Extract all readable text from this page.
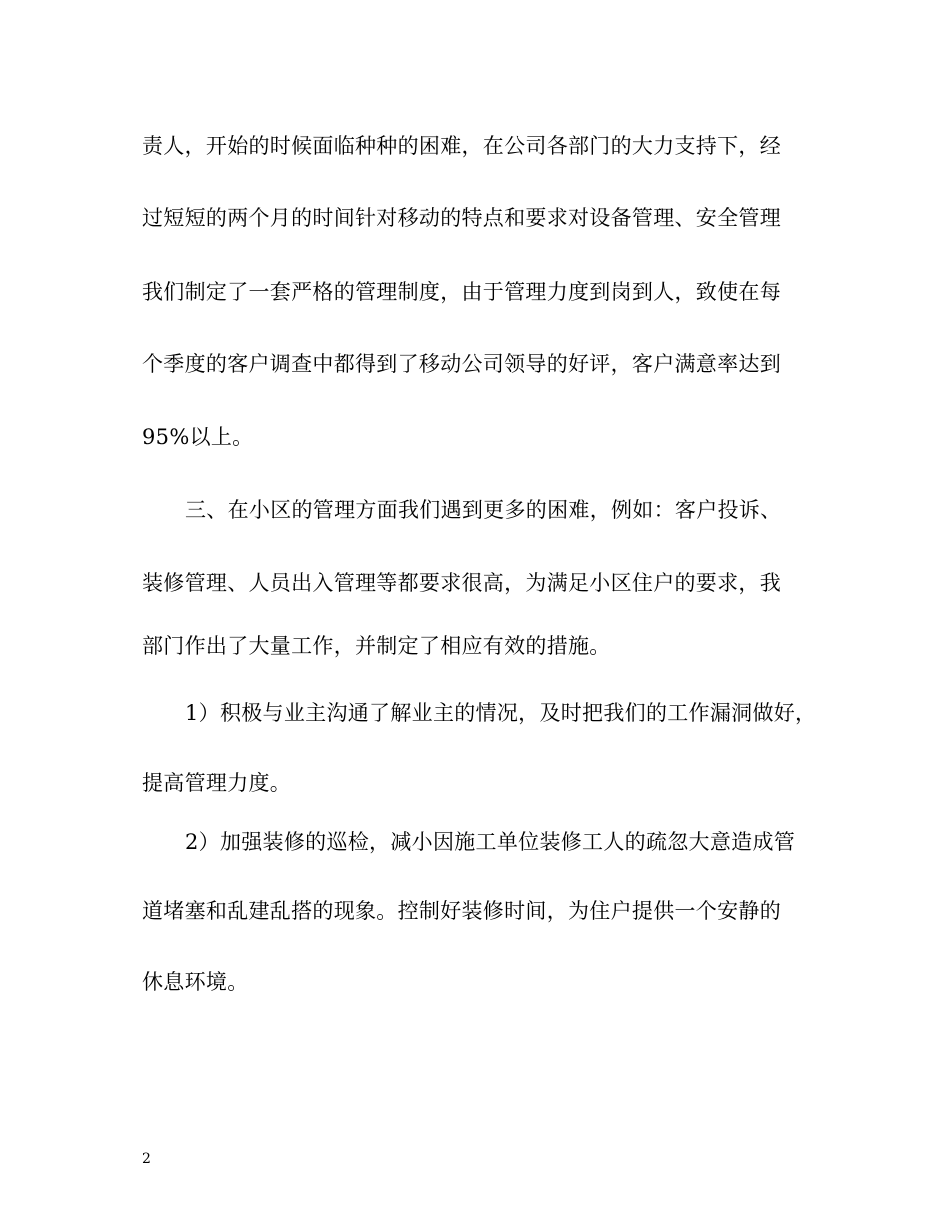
责人，开始的时候面临种种的困难，在公司各部门的大力支持下，经
过短短的两个月的时间针对移动的特点和要求对设备管理、安全管理
我们制定了一套严格的管理制度，由于管理力度到岗到人，致使在每
个季度的客户调查中都得到了移动公司领导的好评，客户满意率达到
95%以上。
三、在小区的管理方面我们遇到更多的困难，例如：客户投诉、
装修管理、人员出入管理等都要求很高，为满足小区住户的要求，我
部门作出了大量工作，并制定了相应有效的措施。
1）积极与业主沟通了解业主的情况，及时把我们的工作漏洞做好，
提高管理力度。
2）加强装修的巡检，减小因施工单位装修工人的疏忽大意造成管
道堵塞和乱建乱搭的现象。控制好装修时间，为住户提供一个安静的
休息环境。
2
